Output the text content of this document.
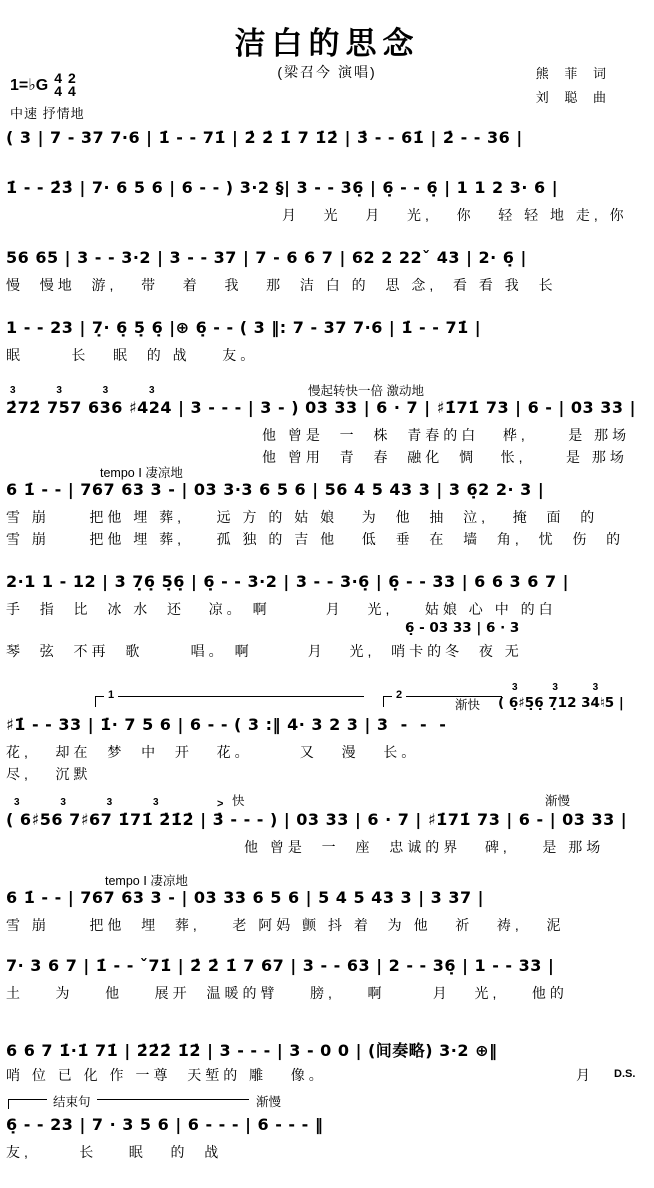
洁白的思念
(梁召今 演唱)	熊 菲 词
刘 聪 曲
1=♭G 4
4
2
4
中速 抒情地
( 3 | 7 - 37 7·6 | 1̇ - - 71̇ | 2̇ 2̇ 1̇ 7 1̇2̇ | 3̇ - - 61̇ | 2̇ - - 36 |
1̇ - - 2̇3̇ | 7· 6 5 6 | 6 - - ) 3·2 §| 3 - - 36̣ | 6̣ - - 6̣ | 1 1 2 3· 6 |
月   光   月   光,   你   轻 轻 地 走, 你
56 65 | 3 - - 3·2 | 3 - - 37 | 7 - 6 6 7 | 62 2 22ˇ 43 | 2· 6̣ |
慢  慢地  游,   带   着   我   那  洁 白 的  思 念,  看 看 我  长
1 - - 23 | 7̣· 6̣ 5̣ 6̣ |⊕ 6̣ - - ( 3 ‖: 7 - 37 7·6 | 1̇ - - 71̇ |
眠      长   眠  的 战    友。
3 3 3 3	慢起转快一倍 激动地
2̇72̇ 757 636 ♯424 | 3 - - - | 3 - ) 03 33 | 6 · 7 | ♯1̇71̇ 73 | 6 - | 03 33 |
他 曾是  一  株  青春的白   桦,     是 那场
他 曾用  青  春  融化  惆   怅,     是 那场
tempo Ⅰ 凄凉地
6 1̇ - - | 767 63 3 - | 03 3·3 6 5 6 | 56 4 5 43 3 | 3 6̣2 2· 3 |
雪 崩     把他 埋 葬,    远 方 的 姑 娘   为  他  抽  泣,   掩  面  的
雪 崩     把他 埋 葬,    孤 独 的 吉 他   低  垂  在  墙  角,  忧  伤  的
2·1 1 - 12 | 3 7̣6̣ 5̣6̣ | 6̣ - - 3·2 | 3 - - 3·6̣ | 6̣ - - 33 | 6 6 3 6 7 |
手  指  比  冰 水  还   凉。 啊       月   光,    姑娘 心 中 的白
6̣ - 03 33 | 6 · 3
琴  弦  不再  歌      唱。 啊       月   光,  哨卡的冬  夜 无
1	2
渐快
3 3 3
( 6̣♯5̣6̣ 7̣12 34♮5 |
♯1̇ - - 33 | 1̇· 7 5 6 | 6 - - ( 3 :‖ 4· 3 2 3 | 3  -  -  -
花,   却在  梦  中  开   花。      又   漫   长。
尽,   沉默
3 3 3 3	> 快	渐慢
( 6♯56 7♯67 1̇71̇ 2̇1̇2̇ | 3̇ - - - ) | 03 33 | 6 · 7 | ♯1̇71̇ 73 | 6 - | 03 33 |
他 曾是  一  座  忠诚的界   碑,    是 那场
tempo Ⅰ 凄凉地
6 1̇ - - | 767 63 3 - | 03 33 6 5 6 | 5 4 5 43 3 | 3 37 |
雪 崩     把他  埋  葬,    老 阿妈 颤 抖 着  为 他   祈   祷,   泥
7· 3 6 7 | 1̇ - - ˇ71̇ | 2̇ 2̇ 1̇ 7 67 | 3 - - 63 | 2 - - 36̣ | 1 - - 33 |
土    为    他    展开  温暖的臂    膀,    啊      月   光,    他的
6 6 7 1̇·1̇ 71̇ | 2̇2̇2̇ 1̇2̇ | 3 - - - | 3 - 0 0 | (间奏略) 3·2 ⊕‖
哨 位 已 化 作 一尊  天堑的 雕   像。	月 D.S.
结束句	渐慢
6̣ - - 23 | 7 · 3 5 6 | 6 - - - | 6 - - - ‖
友,      长    眠   的  战
